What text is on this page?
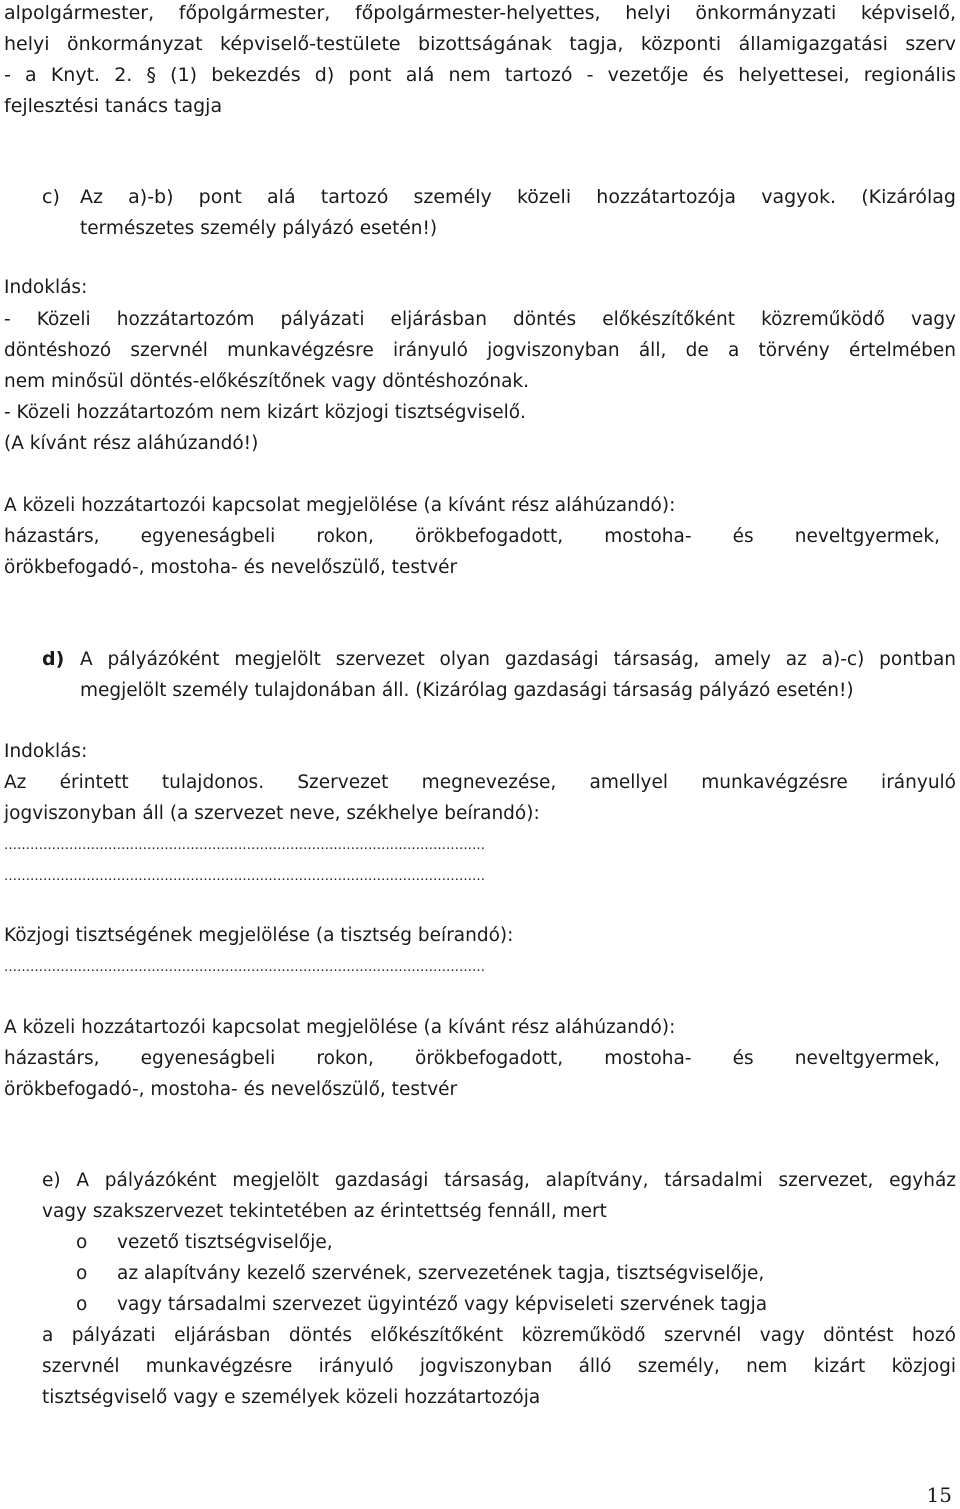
alpolgármester, főpolgármester, főpolgármester-helyettes, helyi önkormányzati képviselő,
helyi önkormányzat képviselő-testülete bizottságának tagja, központi államigazgatási szerv
- a Knyt. 2. § (1) bekezdés d) pont alá nem tartozó - vezetője és helyettesei, regionális
fejlesztési tanács tagja
c)	Az a)-b) pont alá tartozó személy közeli hozzátartozója vagyok. (Kizárólag
természetes személy pályázó esetén!)
Indoklás:
- Közeli hozzátartozóm pályázati eljárásban döntés előkészítőként közreműködő vagy
döntéshozó szervnél munkavégzésre irányuló jogviszonyban áll, de a törvény értelmében
nem minősül döntés-előkészítőnek vagy döntéshozónak.
- Közeli hozzátartozóm nem kizárt közjogi tisztségviselő.
(A kívánt rész aláhúzandó!)
A közeli hozzátartozói kapcsolat megjelölése (a kívánt rész aláhúzandó):
házastárs, egyeneságbeli rokon, örökbefogadott, mostoha- és neveltgyermek,
örökbefogadó-, mostoha- és nevelőszülő, testvér
d) A pályázóként megjelölt szervezet olyan gazdasági társaság, amely az a)-c) pontban
megjelölt személy tulajdonában áll. (Kizárólag gazdasági társaság pályázó esetén!)
Indoklás:
Az érintett tulajdonos. Szervezet megnevezése, amellyel munkavégzésre irányuló
jogviszonyban áll (a szervezet neve, székhelye beírandó):
…………………………………………………………………………………………………
…………………………………………………………………………………………………
Közjogi tisztségének megjelölése (a tisztség beírandó):
…………………………………………………………………………………………………
A közeli hozzátartozói kapcsolat megjelölése (a kívánt rész aláhúzandó):
házastárs, egyeneságbeli rokon, örökbefogadott, mostoha- és neveltgyermek,
örökbefogadó-, mostoha- és nevelőszülő, testvér
e) A pályázóként megjelölt gazdasági társaság, alapítvány, társadalmi szervezet, egyház
vagy szakszervezet tekintetében az érintettség fennáll, mert
o	vezető tisztségviselője,
o	az alapítvány kezelő szervének, szervezetének tagja, tisztségviselője,
o	vagy társadalmi szervezet ügyintéző vagy képviseleti szervének tagja
a pályázati eljárásban döntés előkészítőként közreműködő szervnél vagy döntést hozó
szervnél munkavégzésre irányuló jogviszonyban álló személy, nem kizárt közjogi
tisztségviselő vagy e személyek közeli hozzátartozója
15
